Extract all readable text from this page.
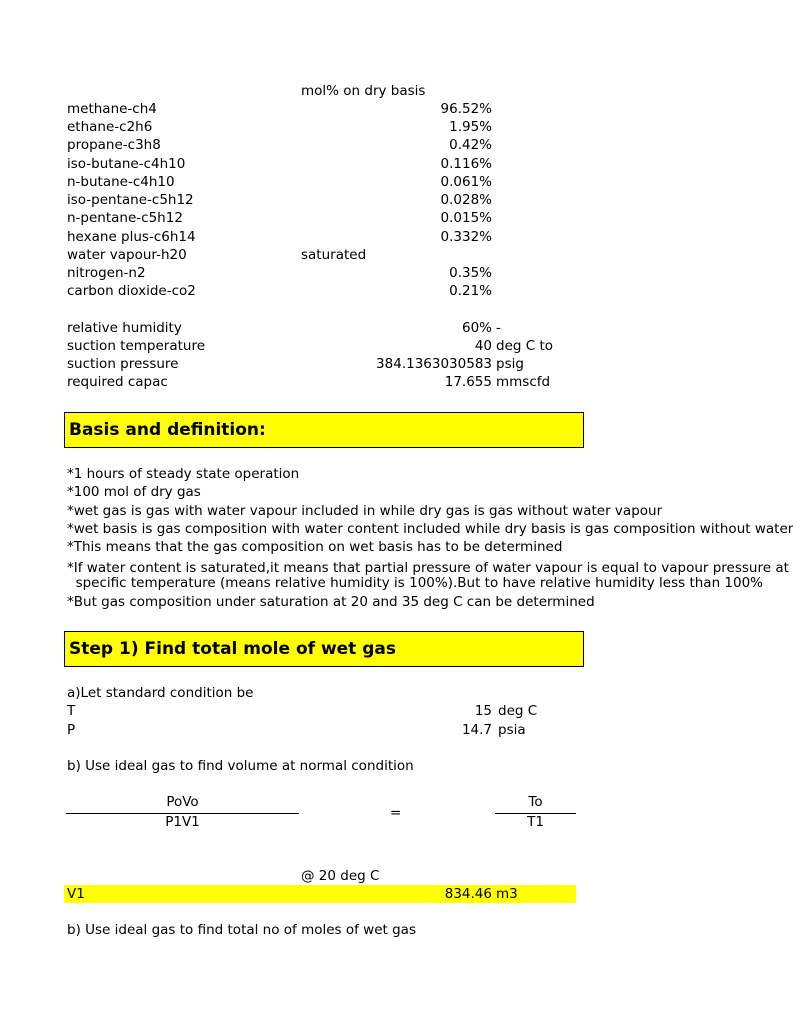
mol% on dry basis
methane-ch4	96.52%
ethane-c2h6	1.95%
propane-c3h8	0.42%
iso-butane-c4h10	0.116%
n-butane-c4h10	0.061%
iso-pentane-c5h12	0.028%
n-pentane-c5h12	0.015%
hexane plus-c6h14	0.332%
water vapour-h20	saturated
nitrogen-n2	0.35%
carbon dioxide-co2	0.21%
relative humidity	60% -
suction temperature	40 deg C to
suction pressure	384.1363030583 psig
required capac	17.655 mmscfd
Basis and definition:
*1 hours of steady state operation
*100 mol of dry gas
*wet gas is gas with water vapour included in while dry gas is gas without water vapour
*wet basis is gas composition with water content included while dry basis is gas composition without water
*This means that the gas composition on wet basis has to be determined
*If water content is saturated,it means that partial pressure of water vapour is equal to vapour pressure at
specific temperature (means relative humidity is 100%).But to have relative humidity less than 100%
*But gas composition under saturation at 20 and 35 deg C can be determined
Step 1) Find total mole of wet gas
a)Let standard condition be
T	15 deg C
P	14.7 psia
b) Use ideal gas to find volume at normal condition
PoVo
P1V1
=
To
T1
@ 20 deg C
V1	834.46 m3
b) Use ideal gas to find total no of moles of wet gas
